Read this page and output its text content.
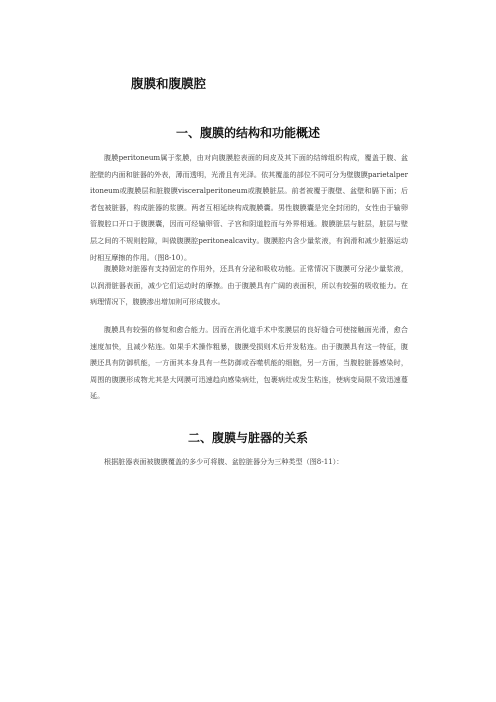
腹膜和腹膜腔
一、腹膜的结构和功能概述

腹膜peritoneum属于浆膜，由对向腹膜腔表面的间皮及其下面的结缔组织构成，覆盖于腹、盆腔壁的内面和脏器的外表，薄而透明，光滑且有光泽。依其覆盖的部位不同可分为壁腹膜parietalperitoneum或腹膜层和脏腹膜visceralperitoneum或腹膜脏层。前者被覆于腹壁、盆壁和膈下面；后者包被脏器，构成脏器的浆膜。两者互相延续构成腹膜囊。男性腹膜囊是完全封闭的，女性由于输卵管腹腔口开口于腹膜囊，因而可经输卵管、子宫和阴道腔而与外界相通。腹膜脏层与脏层，脏层与壁层之间的不规则腔隙，叫做腹膜腔peritonealcavity。腹膜腔内含少量浆液，有润滑和减少脏器运动时相互摩擦的作用。（图8-10）。

腹膜除对脏器有支持固定的作用外，还具有分泌和吸收功能。正常情况下腹膜可分泌少量浆液，以润滑脏器表面，减少它们运动时的摩擦。由于腹膜具有广阔的表面积，所以有较强的吸收能力。在病理情况下，腹膜渗出增加则可形成腹水。

腹膜具有较强的修复和愈合能力。因而在消化道手术中浆膜层的良好缝合可使接触面光滑，愈合速度加快，且减少粘连。如果手术操作粗暴，腹膜受损则术后并发粘连。由于腹膜具有这一特征，腹膜还具有防御机能，一方面其本身具有一些防御或吞噬机能的细胞，另一方面，当腹腔脏器感染时，周围的腹膜形成物尤其是大网膜可迅速趋向感染病灶，包裹病灶或发生粘连，使病变局限不致迅速蔓延。

二、腹膜与脏器的关系

根据脏器表面被腹膜覆盖的多少可将腹、盆腔脏器分为三种类型（图8-11）：
